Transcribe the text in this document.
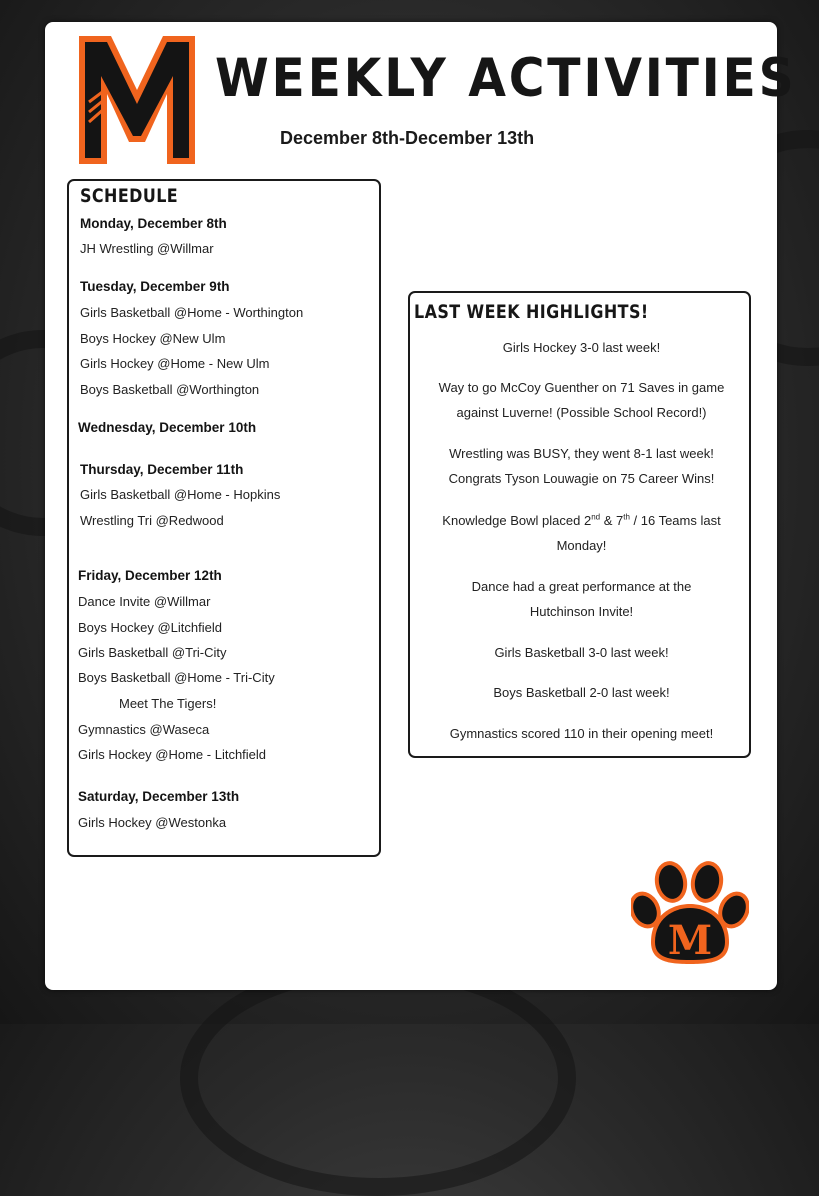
M
WEEKLY ACTIVITIES
December 8th-December 13th
SCHEDULE
Monday, December 8th
JH Wrestling @Willmar
Tuesday, December 9th
Girls Basketball @Home - Worthington
Boys Hockey @New Ulm
Girls Hockey @Home - New Ulm
Boys Basketball @Worthington
Wednesday, December 10th
Thursday, December 11th
Girls Basketball @Home - Hopkins
Wrestling Tri @Redwood
Friday, December 12th
Dance Invite @Willmar
Boys Hockey @Litchfield
Girls Basketball @Tri-City
Boys Basketball @Home - Tri-City
Meet The Tigers!
Gymnastics @Waseca
Girls Hockey @Home - Litchfield
Saturday, December 13th
Girls Hockey @Westonka
LAST WEEK HIGHLIGHTS!
Girls Hockey 3-0 last week!
Way to go McCoy Guenther on 71 Saves in game
against Luverne! (Possible School Record!)
Wrestling was BUSY, they went 8-1 last week!
Congrats Tyson Louwagie on 75 Career Wins!
Knowledge Bowl placed 2nd & 7th / 16 Teams last
Monday!
Dance had a great performance at the
Hutchinson Invite!
Girls Basketball 3-0 last week!
Boys Basketball 2-0 last week!
Gymnastics scored 110 in their opening meet!
M
